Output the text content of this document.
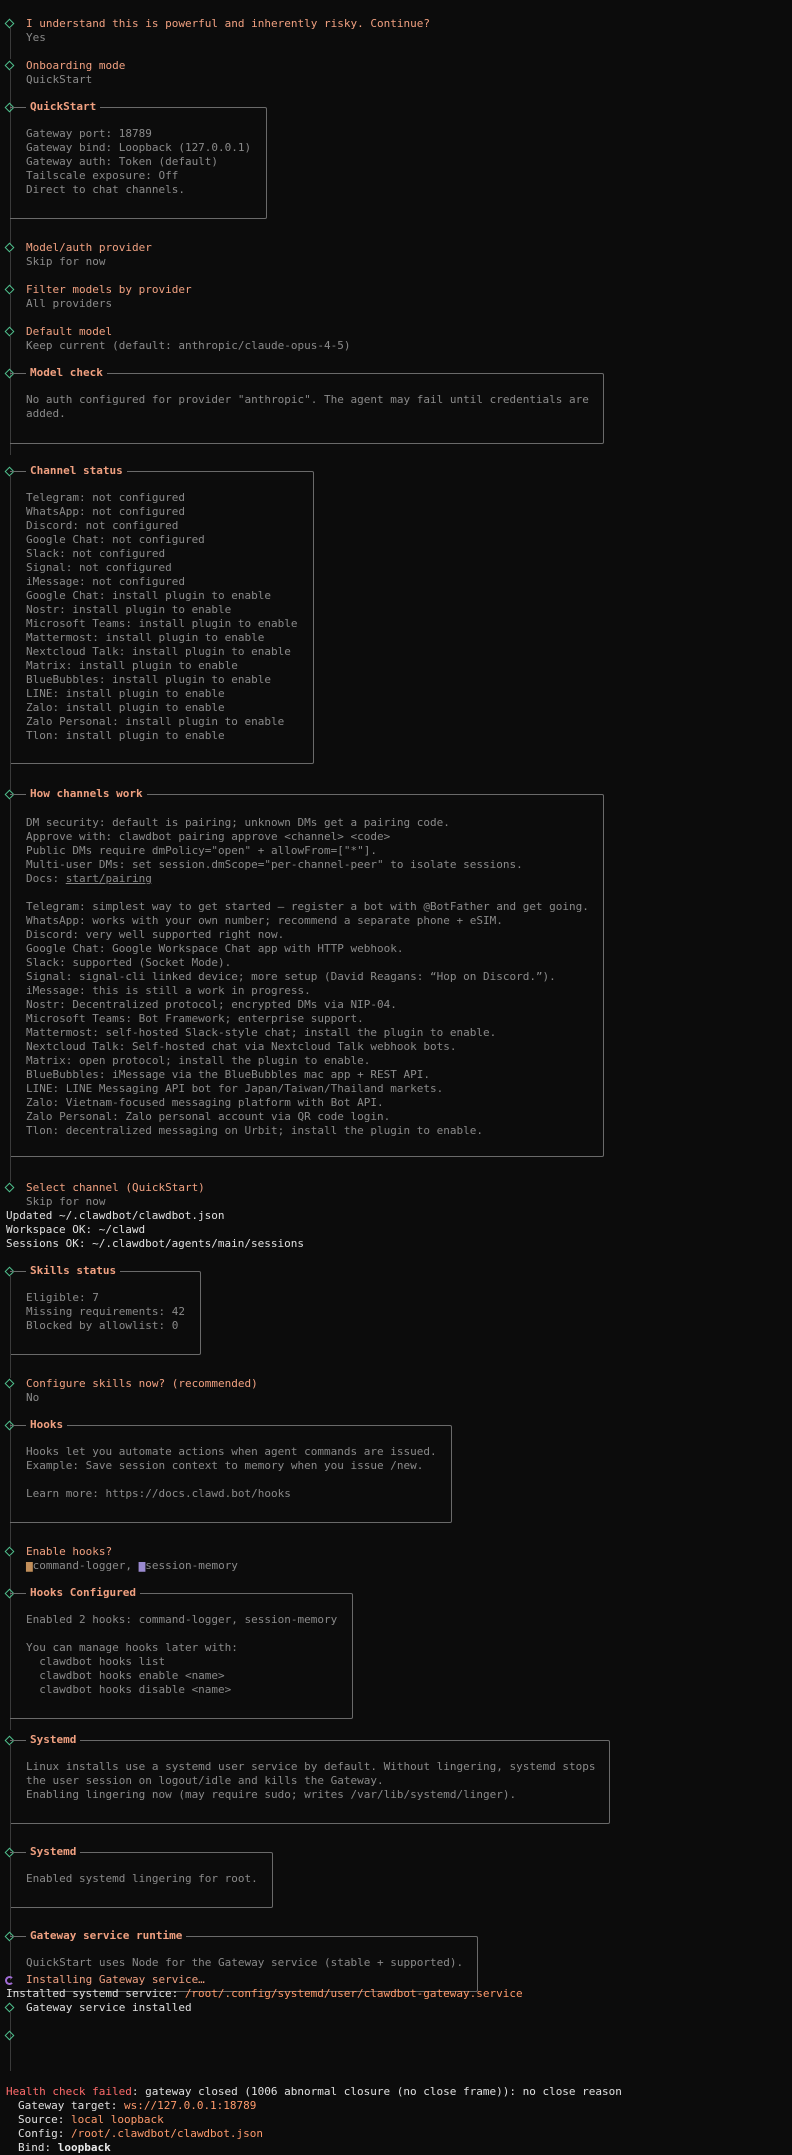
I understand this is powerful and inherently risky. Continue?
Yes
Onboarding mode
QuickStart
QuickStart
Gateway port: 18789
Gateway bind: Loopback (127.0.0.1)
Gateway auth: Token (default)
Tailscale exposure: Off
Direct to chat channels.
Model/auth provider
Skip for now
Filter models by provider
All providers
Default model
Keep current (default: anthropic/claude-opus-4-5)
Model check
No auth configured for provider "anthropic". The agent may fail until credentials are
added.
Channel status
Telegram: not configured
WhatsApp: not configured
Discord: not configured
Google Chat: not configured
Slack: not configured
Signal: not configured
iMessage: not configured
Google Chat: install plugin to enable
Nostr: install plugin to enable
Microsoft Teams: install plugin to enable
Mattermost: install plugin to enable
Nextcloud Talk: install plugin to enable
Matrix: install plugin to enable
BlueBubbles: install plugin to enable
LINE: install plugin to enable
Zalo: install plugin to enable
Zalo Personal: install plugin to enable
Tlon: install plugin to enable
How channels work
DM security: default is pairing; unknown DMs get a pairing code.
Approve with: clawdbot pairing approve <channel> <code>
Public DMs require dmPolicy="open" + allowFrom=["*"].
Multi-user DMs: set session.dmScope="per-channel-peer" to isolate sessions.
Docs: start/pairing
Telegram: simplest way to get started — register a bot with @BotFather and get going.
WhatsApp: works with your own number; recommend a separate phone + eSIM.
Discord: very well supported right now.
Google Chat: Google Workspace Chat app with HTTP webhook.
Slack: supported (Socket Mode).
Signal: signal-cli linked device; more setup (David Reagans: “Hop on Discord.”).
iMessage: this is still a work in progress.
Nostr: Decentralized protocol; encrypted DMs via NIP-04.
Microsoft Teams: Bot Framework; enterprise support.
Mattermost: self-hosted Slack-style chat; install the plugin to enable.
Nextcloud Talk: Self-hosted chat via Nextcloud Talk webhook bots.
Matrix: open protocol; install the plugin to enable.
BlueBubbles: iMessage via the BlueBubbles mac app + REST API.
LINE: LINE Messaging API bot for Japan/Taiwan/Thailand markets.
Zalo: Vietnam-focused messaging platform with Bot API.
Zalo Personal: Zalo personal account via QR code login.
Tlon: decentralized messaging on Urbit; install the plugin to enable.
Select channel (QuickStart)
Skip for now
Updated ~/.clawdbot/clawdbot.json
Workspace OK: ~/clawd
Sessions OK: ~/.clawdbot/agents/main/sessions
Skills status
Eligible: 7
Missing requirements: 42
Blocked by allowlist: 0
Configure skills now? (recommended)
No
Hooks
Hooks let you automate actions when agent commands are issued.
Example: Save session context to memory when you issue /new.
Learn more: https://docs.clawd.bot/hooks
Enable hooks?
▆command-logger, ▆session-memory
Hooks Configured
Enabled 2 hooks: command-logger, session-memory
You can manage hooks later with:
clawdbot hooks list
clawdbot hooks enable <name>
clawdbot hooks disable <name>
Systemd
Linux installs use a systemd user service by default. Without lingering, systemd stops
the user session on logout/idle and kills the Gateway.
Enabling lingering now (may require sudo; writes /var/lib/systemd/linger).
Systemd
Enabled systemd lingering for root.
Gateway service runtime
QuickStart uses Node for the Gateway service (stable + supported).
Installing Gateway service…
Installed systemd service: /root/.config/systemd/user/clawdbot-gateway.service
Gateway service installed
Health check failed: gateway closed (1006 abnormal closure (no close frame)): no close reason
Gateway target: ws://127.0.0.1:18789
Source: local loopback
Config: /root/.clawdbot/clawdbot.json
Bind: loopback
